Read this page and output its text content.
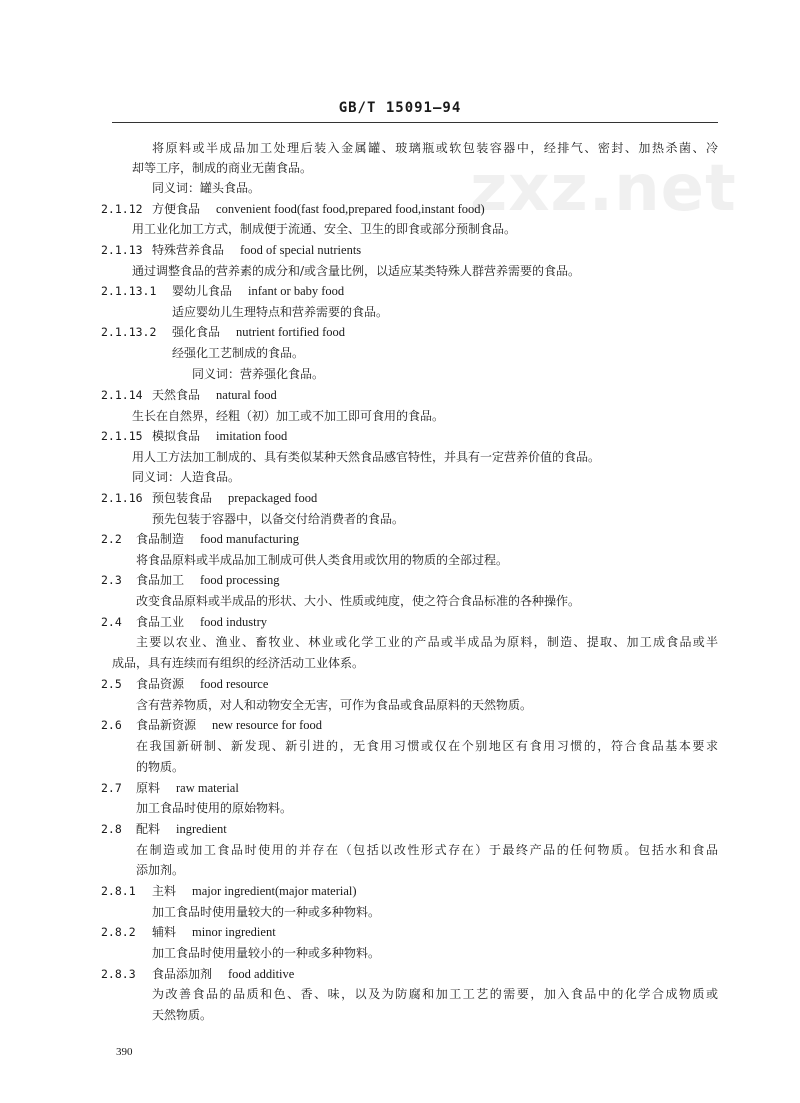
GB/T 15091—94
zxz.net
将原料或半成品加工处理后装入金属罐、玻璃瓶或软包装容器中，经排气、密封、加热杀菌、冷
却等工序，制成的商业无菌食品。
同义词：罐头食品。
2.1.12 方便食品 convenient food(fast food,prepared food,instant food)
用工业化加工方式，制成便于流通、安全、卫生的即食或部分预制食品。
2.1.13 特殊营养食品 food of special nutrients
通过调整食品的营养素的成分和/或含量比例，以适应某类特殊人群营养需要的食品。
2.1.13.1 婴幼儿食品 infant or baby food
适应婴幼儿生理特点和营养需要的食品。
2.1.13.2 强化食品 nutrient fortified food
经强化工艺制成的食品。
同义词：营养强化食品。
2.1.14 天然食品 natural food
生长在自然界，经粗（初）加工或不加工即可食用的食品。
2.1.15 模拟食品 imitation food
用人工方法加工制成的、具有类似某种天然食品感官特性，并具有一定营养价值的食品。
同义词：人造食品。
2.1.16 预包装食品 prepackaged food
预先包装于容器中，以备交付给消费者的食品。
2.2 食品制造 food manufacturing
将食品原料或半成品加工制成可供人类食用或饮用的物质的全部过程。
2.3 食品加工 food processing
改变食品原料或半成品的形状、大小、性质或纯度，使之符合食品标准的各种操作。
2.4 食品工业 food industry
主要以农业、渔业、畜牧业、林业或化学工业的产品或半成品为原料，制造、提取、加工成食品或半
成品，具有连续而有组织的经济活动工业体系。
2.5 食品资源 food resource
含有营养物质，对人和动物安全无害，可作为食品或食品原料的天然物质。
2.6 食品新资源 new resource for food
在我国新研制、新发现、新引进的，无食用习惯或仅在个别地区有食用习惯的，符合食品基本要求
的物质。
2.7 原料 raw material
加工食品时使用的原始物料。
2.8 配料 ingredient
在制造或加工食品时使用的并存在（包括以改性形式存在）于最终产品的任何物质。包括水和食品
添加剂。
2.8.1 主料 major ingredient(major material)
加工食品时使用量较大的一种或多种物料。
2.8.2 辅料 minor ingredient
加工食品时使用量较小的一种或多种物料。
2.8.3 食品添加剂 food additive
为改善食品的品质和色、香、味，以及为防腐和加工工艺的需要，加入食品中的化学合成物质或
天然物质。
390
